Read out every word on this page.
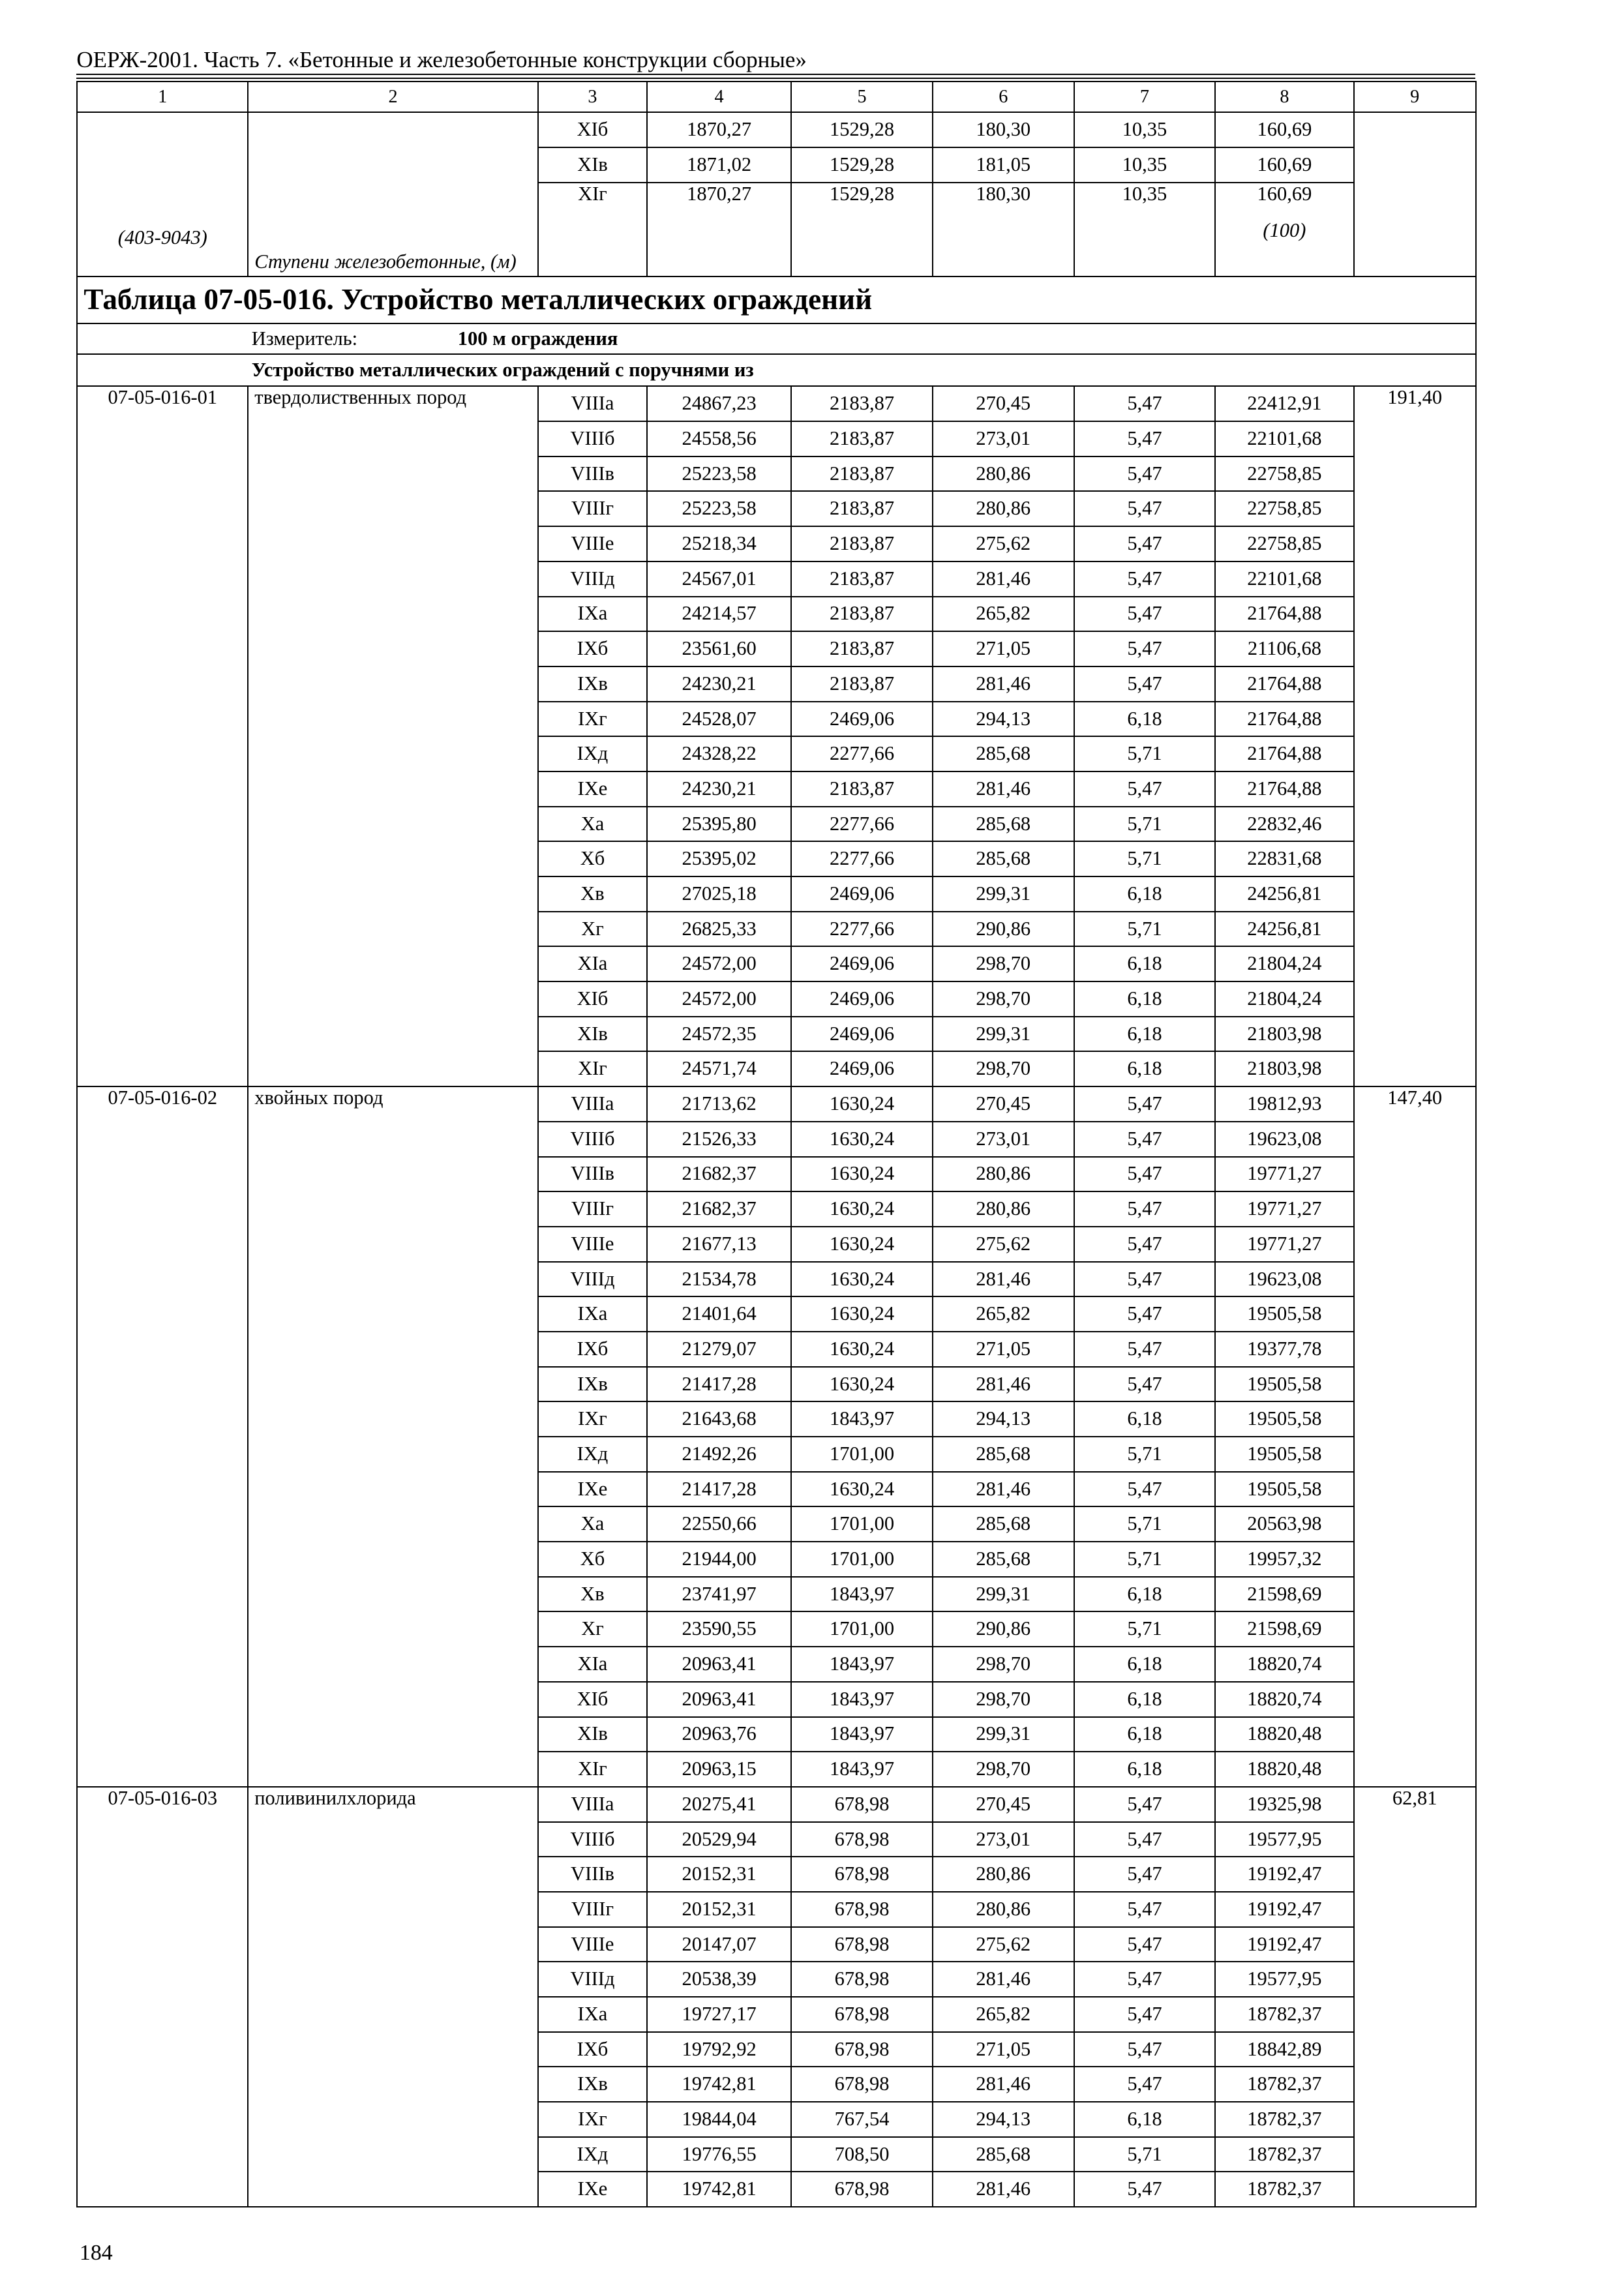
ОЕРЖ-2001. Часть 7. «Бетонные и железобетонные конструкции сборные»
1	2	3	4	5	6	7	8	9
(403-9043)	Ступени железобетонные, (м)	XIб	1870,27	1529,28	180,30	10,35	160,69	
		XIв	1871,02	1529,28	181,05	10,35	160,69	

		XIг	1870,27	1529,28	180,30	10,35	160,69
(100)	

Таблица 07-05-016. Устройство металлических ограждений								
Измеритель: 100 м ограждения								
Устройство металлических ограждений с поручнями из								
07-05-016-01	твердолиственных пород	VIIIа	24867,23	2183,87	270,45	5,47	22412,91	191,40
		VIIIб	24558,56	2183,87	273,01	5,47	22101,68	
		VIIIв	25223,58	2183,87	280,86	5,47	22758,85	
		VIIIг	25223,58	2183,87	280,86	5,47	22758,85	
		VIIIе	25218,34	2183,87	275,62	5,47	22758,85	
		VIIIд	24567,01	2183,87	281,46	5,47	22101,68	
		IXа	24214,57	2183,87	265,82	5,47	21764,88	
		IXб	23561,60	2183,87	271,05	5,47	21106,68	
		IXв	24230,21	2183,87	281,46	5,47	21764,88	
		IXг	24528,07	2469,06	294,13	6,18	21764,88	
		IXд	24328,22	2277,66	285,68	5,71	21764,88	
		IXе	24230,21	2183,87	281,46	5,47	21764,88	
		Xа	25395,80	2277,66	285,68	5,71	22832,46	
		Xб	25395,02	2277,66	285,68	5,71	22831,68	
		Xв	27025,18	2469,06	299,31	6,18	24256,81	
		Xг	26825,33	2277,66	290,86	5,71	24256,81	
		XIа	24572,00	2469,06	298,70	6,18	21804,24	
		XIб	24572,00	2469,06	298,70	6,18	21804,24	
		XIв	24572,35	2469,06	299,31	6,18	21803,98	
		XIг	24571,74	2469,06	298,70	6,18	21803,98	
07-05-016-02	хвойных пород	VIIIа	21713,62	1630,24	270,45	5,47	19812,93	147,40
		VIIIб	21526,33	1630,24	273,01	5,47	19623,08	
		VIIIв	21682,37	1630,24	280,86	5,47	19771,27	
		VIIIг	21682,37	1630,24	280,86	5,47	19771,27	
		VIIIе	21677,13	1630,24	275,62	5,47	19771,27	
		VIIIд	21534,78	1630,24	281,46	5,47	19623,08	
		IXа	21401,64	1630,24	265,82	5,47	19505,58	
		IXб	21279,07	1630,24	271,05	5,47	19377,78	
		IXв	21417,28	1630,24	281,46	5,47	19505,58	
		IXг	21643,68	1843,97	294,13	6,18	19505,58	
		IXд	21492,26	1701,00	285,68	5,71	19505,58	
		IXе	21417,28	1630,24	281,46	5,47	19505,58	
		Xа	22550,66	1701,00	285,68	5,71	20563,98	
		Xб	21944,00	1701,00	285,68	5,71	19957,32	
		Xв	23741,97	1843,97	299,31	6,18	21598,69	
		Xг	23590,55	1701,00	290,86	5,71	21598,69	
		XIа	20963,41	1843,97	298,70	6,18	18820,74	
		XIб	20963,41	1843,97	298,70	6,18	18820,74	
		XIв	20963,76	1843,97	299,31	6,18	18820,48	
		XIг	20963,15	1843,97	298,70	6,18	18820,48	
07-05-016-03	поливинилхлорида	VIIIа	20275,41	678,98	270,45	5,47	19325,98	62,81
		VIIIб	20529,94	678,98	273,01	5,47	19577,95	
		VIIIв	20152,31	678,98	280,86	5,47	19192,47	
		VIIIг	20152,31	678,98	280,86	5,47	19192,47	
		VIIIе	20147,07	678,98	275,62	5,47	19192,47	
		VIIIд	20538,39	678,98	281,46	5,47	19577,95	
		IXа	19727,17	678,98	265,82	5,47	18782,37	
		IXб	19792,92	678,98	271,05	5,47	18842,89	
		IXв	19742,81	678,98	281,46	5,47	18782,37	
		IXг	19844,04	767,54	294,13	6,18	18782,37	
		IXд	19776,55	708,50	285,68	5,71	18782,37	
		IXе	19742,81	678,98	281,46	5,47	18782,37	
184
